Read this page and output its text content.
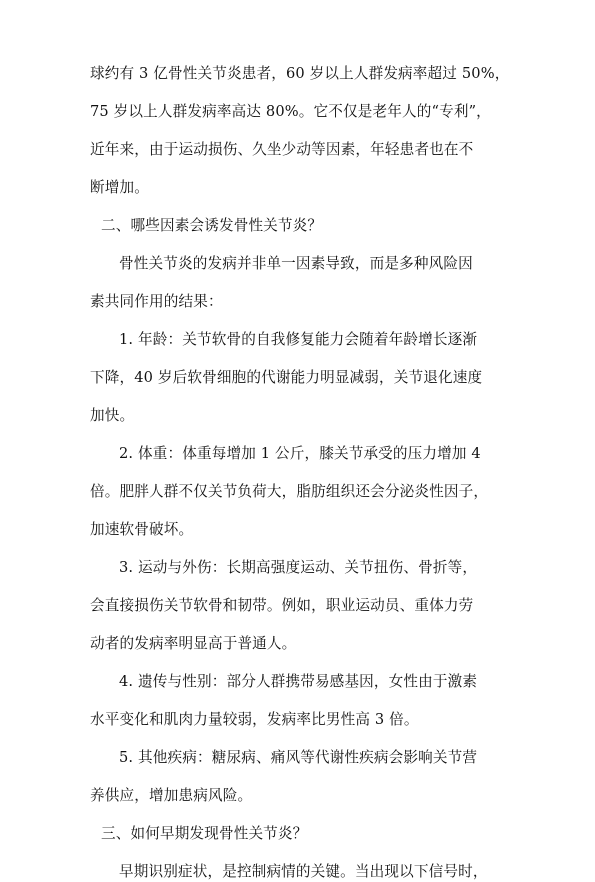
球约有 3 亿骨性关节炎患者，60 岁以上人群发病率超过 50%，
75 岁以上人群发病率高达 80%。它不仅是老年人的“专利”，
近年来，由于运动损伤、久坐少动等因素，年轻患者也在不
断增加。
二、哪些因素会诱发骨性关节炎？
骨性关节炎的发病并非单一因素导致，而是多种风险因
素共同作用的结果：
1. 年龄：关节软骨的自我修复能力会随着年龄增长逐渐
下降，40 岁后软骨细胞的代谢能力明显减弱，关节退化速度
加快。
2. 体重：体重每增加 1 公斤，膝关节承受的压力增加 4
倍。肥胖人群不仅关节负荷大，脂肪组织还会分泌炎性因子，
加速软骨破坏。
3. 运动与外伤：长期高强度运动、关节扭伤、骨折等，
会直接损伤关节软骨和韧带。例如，职业运动员、重体力劳
动者的发病率明显高于普通人。
4. 遗传与性别：部分人群携带易感基因，女性由于激素
水平变化和肌肉力量较弱，发病率比男性高 3 倍。
5. 其他疾病：糖尿病、痛风等代谢性疾病会影响关节营
养供应，增加患病风险。
三、如何早期发现骨性关节炎？
早期识别症状，是控制病情的关键。当出现以下信号时，
